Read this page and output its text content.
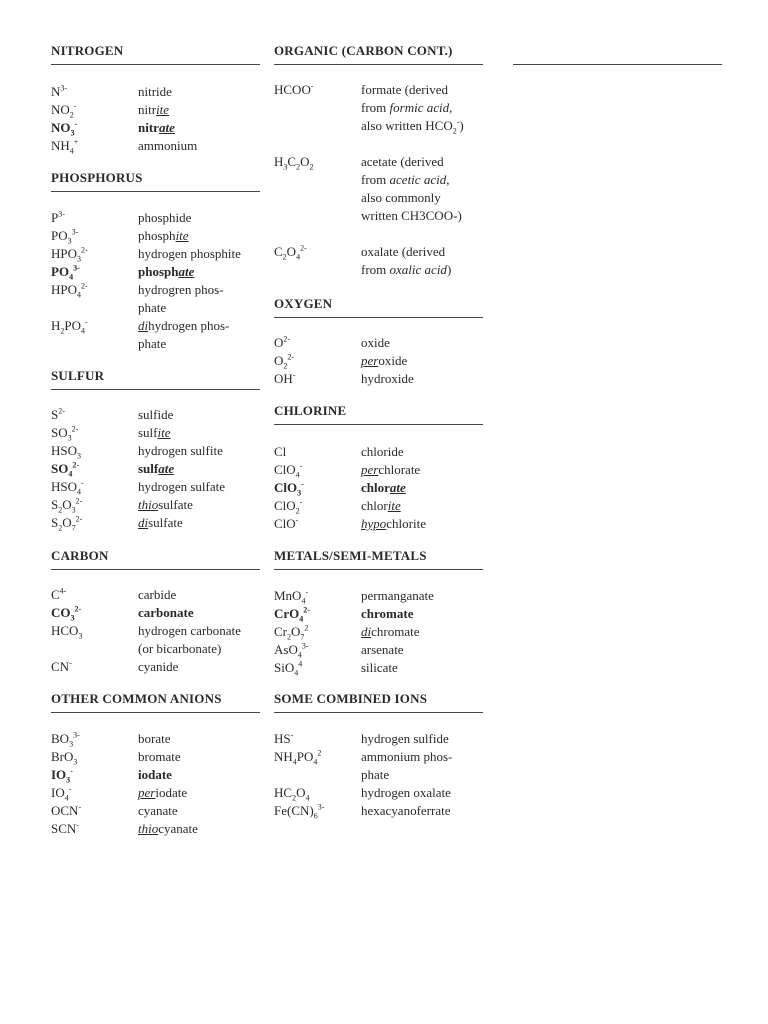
NITROGEN
$N^{3-}$	nitride
$NO_2^-$	nitrite
$NO_3^-$	nitrate
$NH_4^+$	ammonium
PHOSPHORUS
$P^{3-}$	phosphide
$PO_3^{3-}$	phosphite
$HPO_3^{2-}$	hydrogen phosphite
$PO_4^{3-}$	phosphate
$HPO_4^{2-}$	hydrogren phos-
phate
$H_2PO_4^-$	dihydrogen phos-
phate
SULFUR
$S^{2-}$	sulfide
$SO_3^{2-}$	sulfite
$HSO_3$	hydrogen sulfite
$SO_4^{2-}$	sulfate
$HSO_4^-$	hydrogen sulfate
$S_2O_3^{2-}$	thiosulfate
$S_2O_7^{2-}$	disulfate
CARBON
$C^{4-}$	carbide
$CO_3^{2-}$	carbonate
$HCO_3$	hydrogen carbonate
(or bicarbonate)
CN-	cyanide
OTHER COMMON ANIONS
$BO_3^{3-}$	borate
BrO$_3$	bromate
$IO_3^-$	iodate
$IO_4^-$	periodate
OCN-	cyanate
SCN-	thiocyanate
ORGANIC (CARBON CONT.)
HCOO-	formate (derived
from formic acid,
also written $HCO_2^-$)
$H_3C_2O_2$	acetate (derived
from acetic acid,
also commonly
written CH3COO-)
$C_2O_4^{2-}$	oxalate (derived
from oxalic acid)
OXYGEN
$O^{2-}$	oxide
$O_2^{2-}$	peroxide
OH-	hydroxide
CHLORINE
Cl	chloride
ClO$_4$-	perchlorate
ClO$_3$-	chlorate
ClO$_2$-	chlorite
ClO-	hypochlorite
METALS/SEMI-METALS
MnO$_4$-	permanganate
CrO$_4^{2-}$	chromate
$Cr_2O_7^2$	dichromate
AsO$_4^{3-}$	arsenate
SiO$_4^4$	silicate
SOME COMBINED IONS
HS-	hydrogen sulfide
$NH_4PO_4^2$	ammonium phos-
phate
$HC_2O_4$	hydrogen oxalate
$Fe(CN)_6^{3-}$	hexacyanoferrate
